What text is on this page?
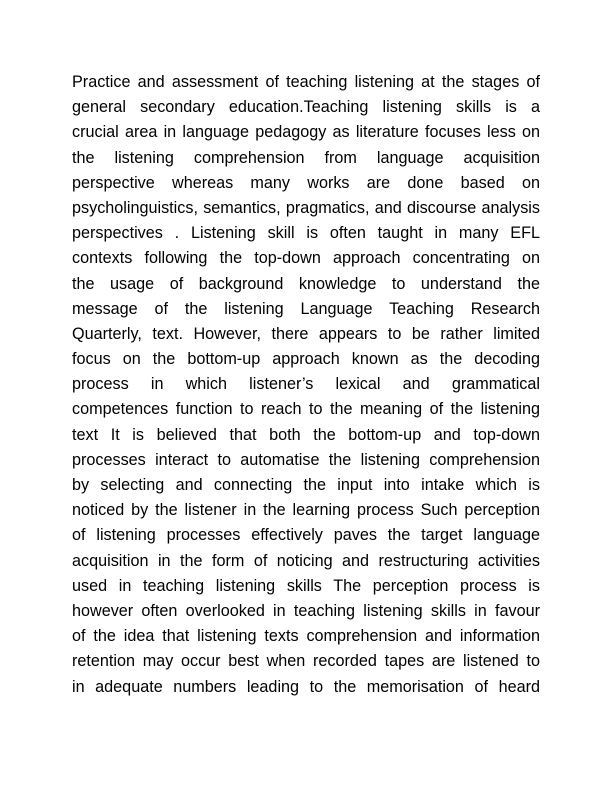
Practice and assessment of teaching listening at the stages of
general secondary education.Teaching listening skills is a
crucial area in language pedagogy as literature focuses less on
the listening comprehension from language acquisition
perspective whereas many works are done based on
psycholinguistics, semantics, pragmatics, and discourse analysis
perspectives . Listening skill is often taught in many EFL
contexts following the top-down approach concentrating on
the usage of background knowledge to understand the
message of the listening Language Teaching Research
Quarterly, text. However, there appears to be rather limited
focus on the bottom-up approach known as the decoding
process in which listener’s lexical and grammatical
competences function to reach to the meaning of the listening
text It is believed that both the bottom-up and top-down
processes interact to automatise the listening comprehension
by selecting and connecting the input into intake which is
noticed by the listener in the learning process Such perception
of listening processes effectively paves the target language
acquisition in the form of noticing and restructuring activities
used in teaching listening skills The perception process is
however often overlooked in teaching listening skills in favour
of the idea that listening texts comprehension and information
retention may occur best when recorded tapes are listened to
in adequate numbers leading to the memorisation of heard
